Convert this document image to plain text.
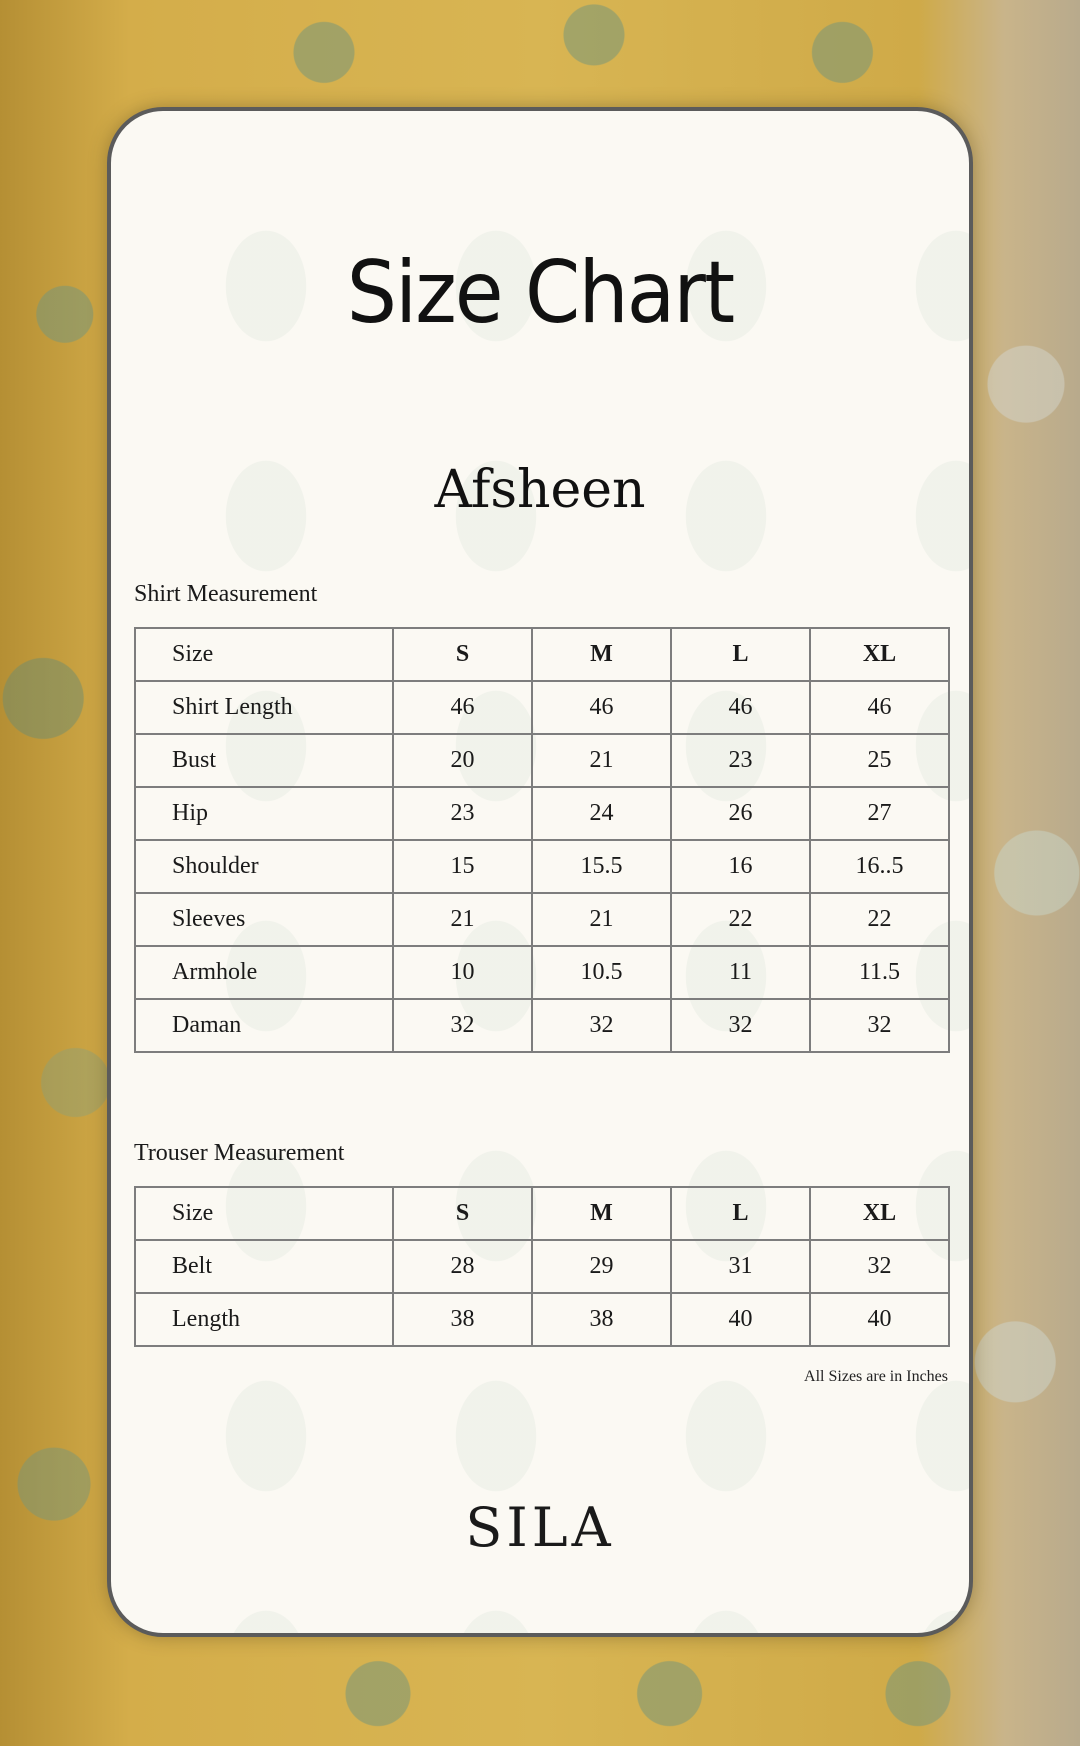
Size Chart
Afsheen

Shirt Measurement

Size	S	M	L	XL
Shirt Length	46	46	46	46
Bust	20	21	23	25
Hip	23	24	26	27
Shoulder	15	15.5	16	16..5
Sleeves	21	21	22	22
Armhole	10	10.5	11	11.5
Daman	32	32	32	32

Trouser Measurement

Size	S	M	L	XL
Belt	28	29	31	32
Length	38	38	40	40

All Sizes are in Inches

SILA
